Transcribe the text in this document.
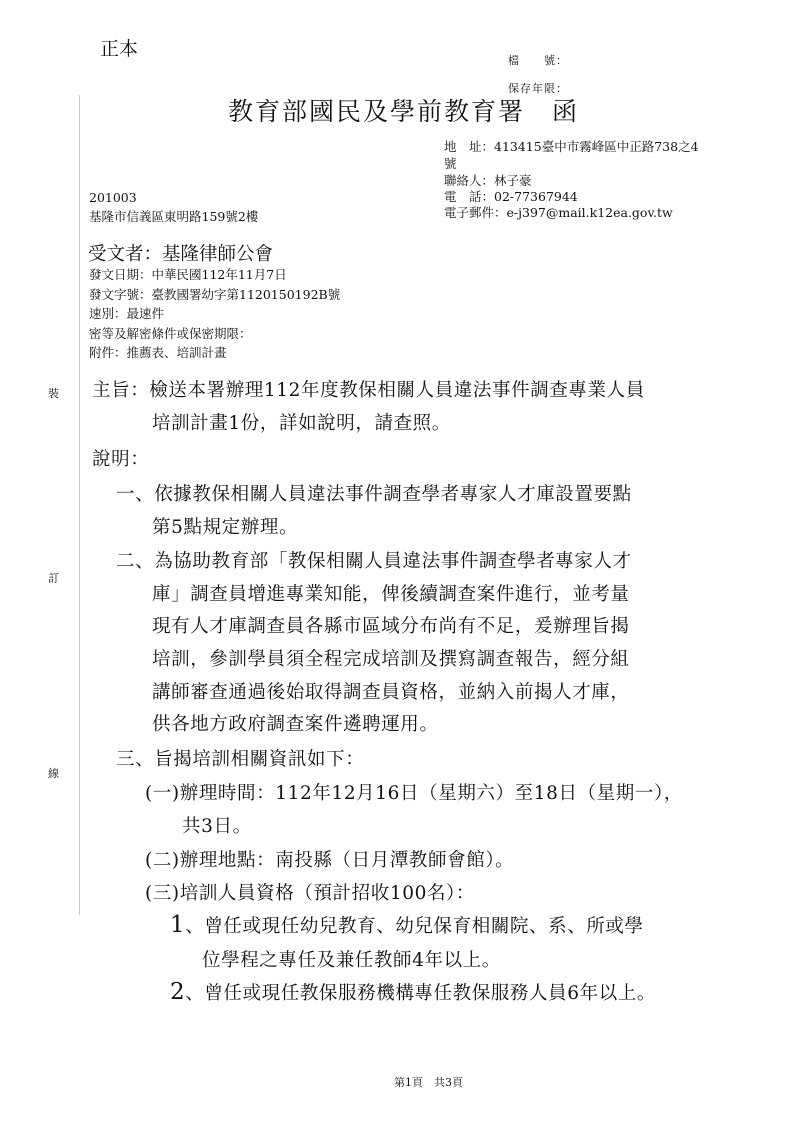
正本
檔　　號：
保存年限：
教育部國民及學前教育署　函
地　址：413415臺中市霧峰區中正路738之4
號
聯絡人：林子豪
電　話：02-77367944
電子郵件：e-j397@mail.k12ea.gov.tw
201003
基隆市信義區東明路159號2樓
受文者：基隆律師公會
發文日期：中華民國112年11月7日
發文字號：臺教國署幼字第1120150192B號
速別：最速件
密等及解密條件或保密期限：
附件：推薦表、培訓計畫
裝
訂
線
主旨：檢送本署辦理112年度教保相關人員違法事件調查專業人員
培訓計畫1份，詳如說明，請查照。
說明：
一、依據教保相關人員違法事件調查學者專家人才庫設置要點
第5點規定辦理。
二、為協助教育部「教保相關人員違法事件調查學者專家人才
庫」調查員增進專業知能，俾後續調查案件進行，並考量
現有人才庫調查員各縣市區域分布尚有不足，爰辦理旨揭
培訓，參訓學員須全程完成培訓及撰寫調查報告，經分組
講師審查通過後始取得調查員資格，並納入前揭人才庫，
供各地方政府調查案件遴聘運用。
三、旨揭培訓相關資訊如下：
(一)辦理時間：112年12月16日（星期六）至18日（星期一），
共3日。
(二)辦理地點：南投縣（日月潭教師會館）。
(三)培訓人員資格（預計招收100名）：
1、曾任或現任幼兒教育、幼兒保育相關院、系、所或學
位學程之專任及兼任教師4年以上。
2、曾任或現任教保服務機構專任教保服務人員6年以上。
第1頁　共3頁
